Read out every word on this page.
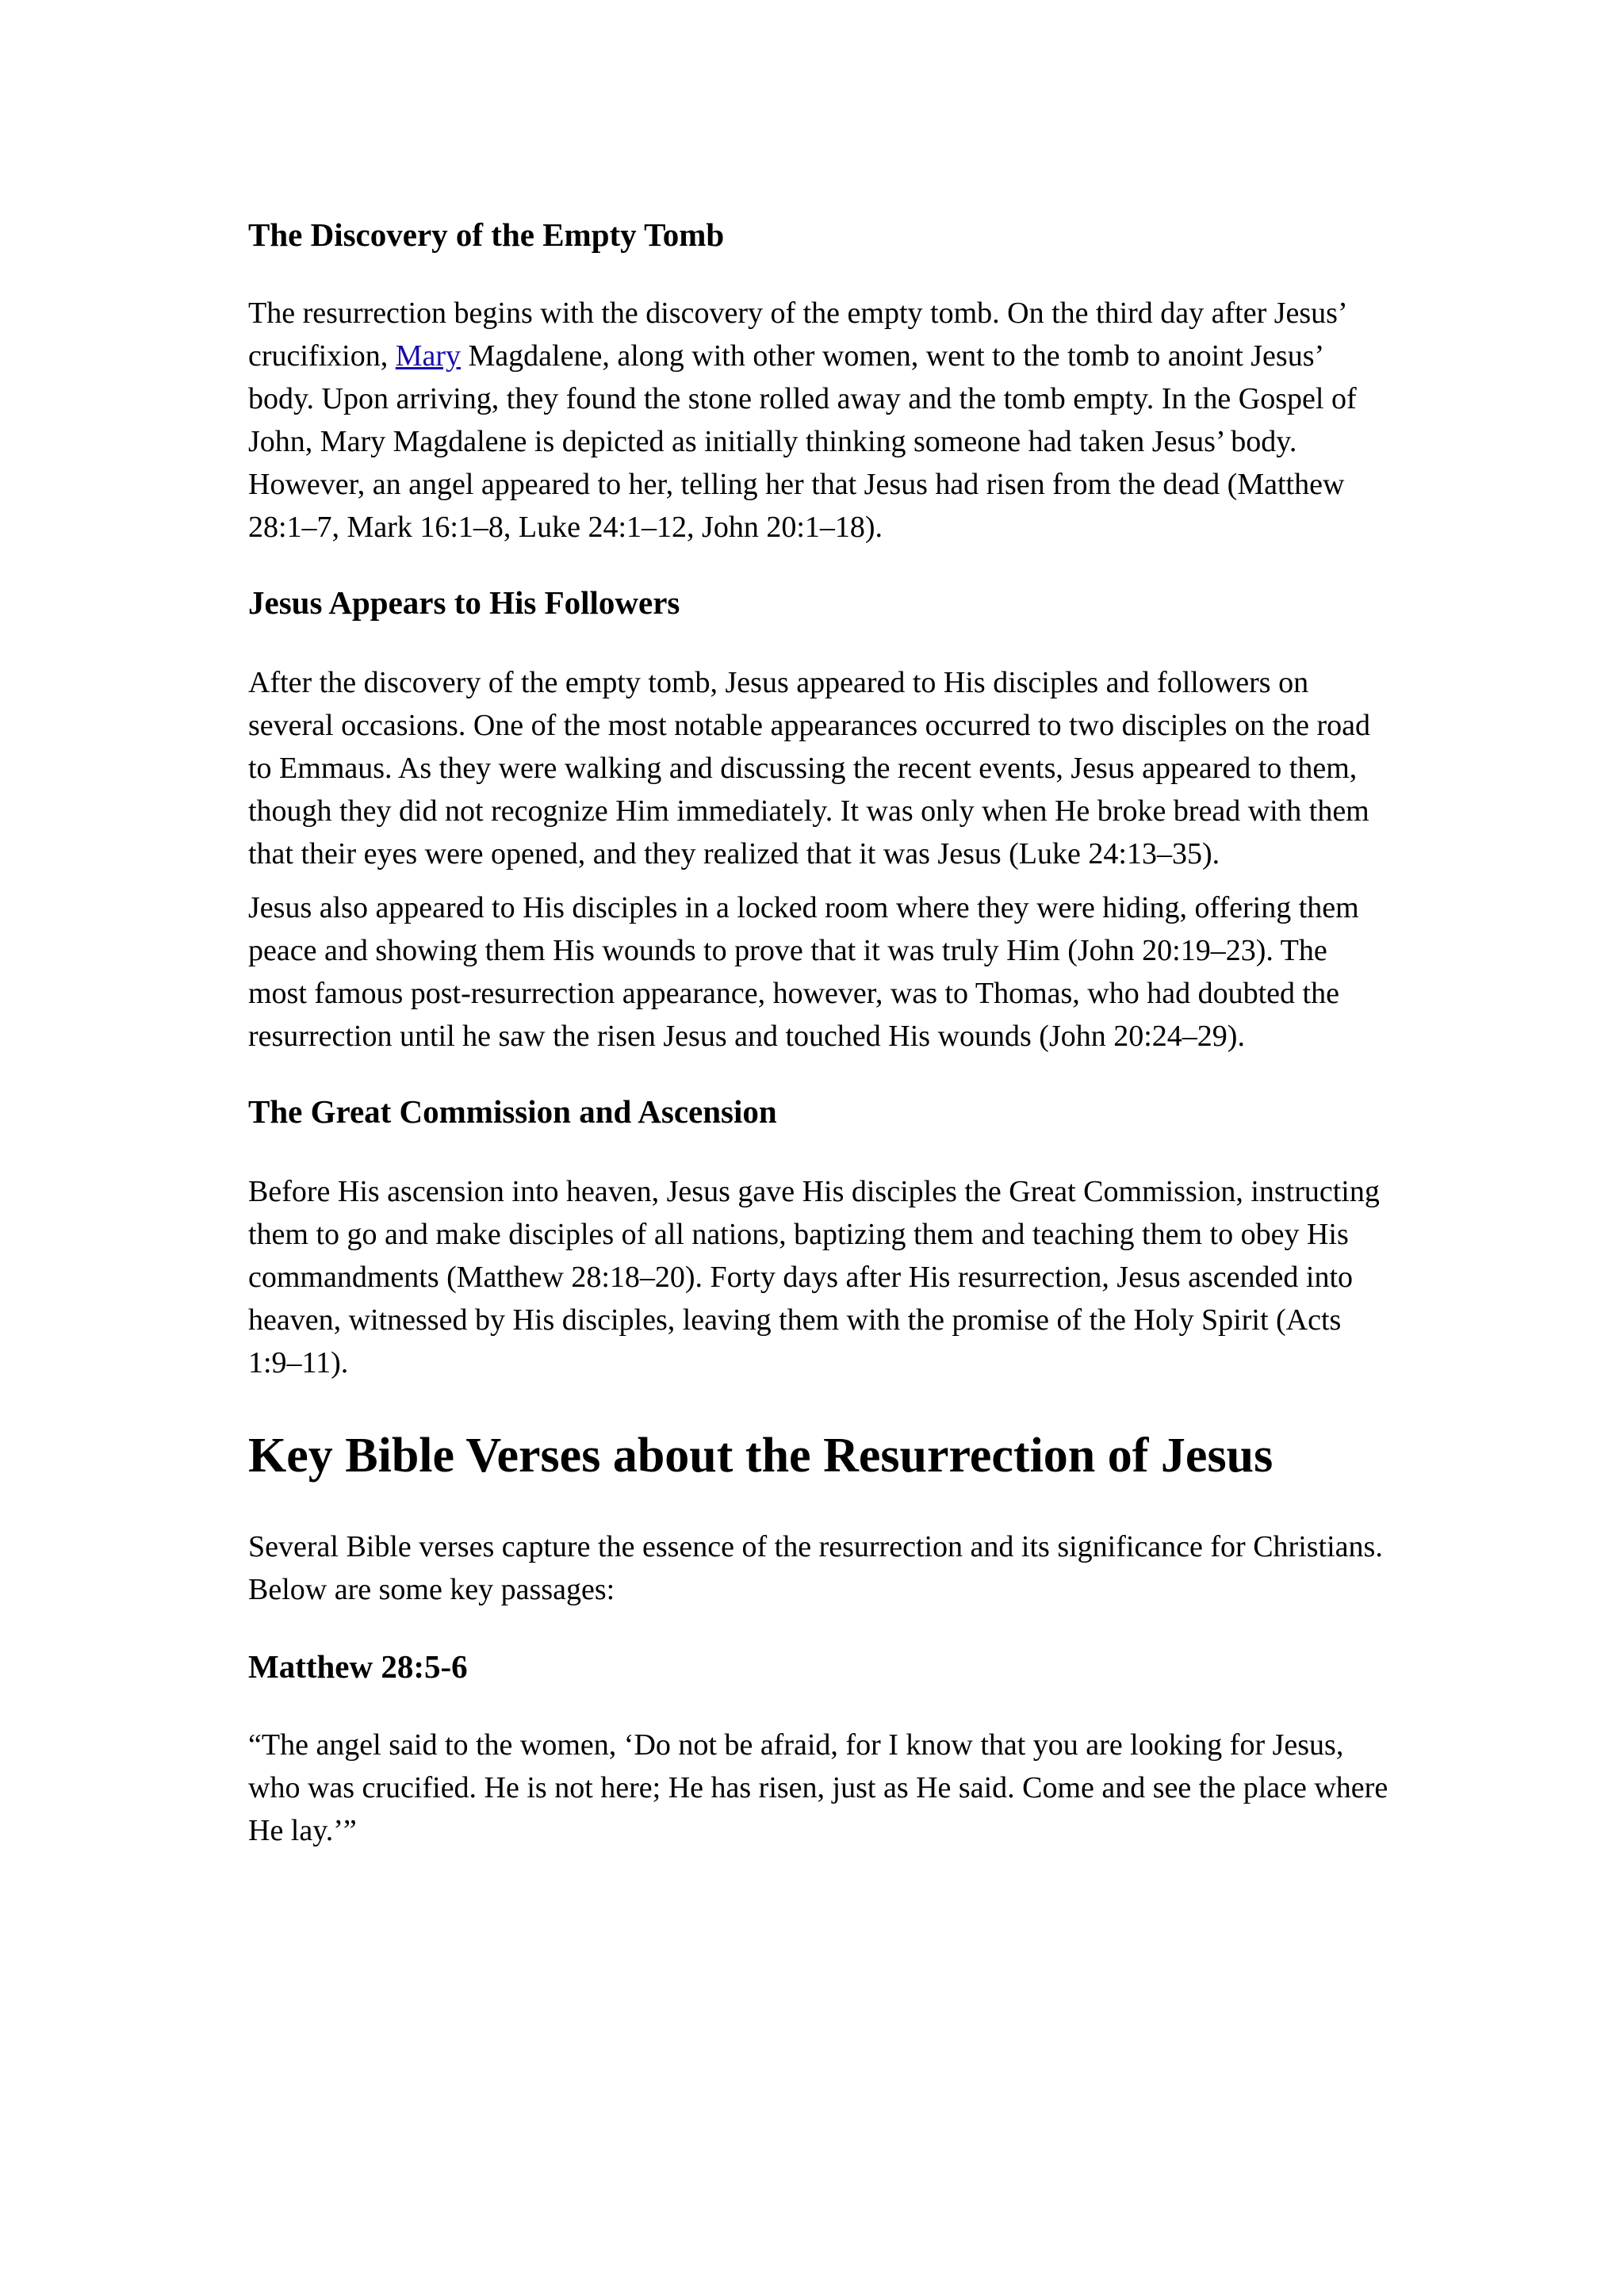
The Discovery of the Empty Tomb

The resurrection begins with the discovery of the empty tomb. On the third day after Jesus’ crucifixion, Mary Magdalene, along with other women, went to the tomb to anoint Jesus’ body. Upon arriving, they found the stone rolled away and the tomb empty. In the Gospel of John, Mary Magdalene is depicted as initially thinking someone had taken Jesus’ body. However, an angel appeared to her, telling her that Jesus had risen from the dead (Matthew 28:1–7, Mark 16:1–8, Luke 24:1–12, John 20:1–18).

Jesus Appears to His Followers

After the discovery of the empty tomb, Jesus appeared to His disciples and followers on several occasions. One of the most notable appearances occurred to two disciples on the road to Emmaus. As they were walking and discussing the recent events, Jesus appeared to them, though they did not recognize Him immediately. It was only when He broke bread with them that their eyes were opened, and they realized that it was Jesus (Luke 24:13–35).

Jesus also appeared to His disciples in a locked room where they were hiding, offering them peace and showing them His wounds to prove that it was truly Him (John 20:19–23). The most famous post-resurrection appearance, however, was to Thomas, who had doubted the resurrection until he saw the risen Jesus and touched His wounds (John 20:24–29).

The Great Commission and Ascension

Before His ascension into heaven, Jesus gave His disciples the Great Commission, instructing them to go and make disciples of all nations, baptizing them and teaching them to obey His commandments (Matthew 28:18–20). Forty days after His resurrection, Jesus ascended into heaven, witnessed by His disciples, leaving them with the promise of the Holy Spirit (Acts 1:9–11).

Key Bible Verses about the Resurrection of Jesus

Several Bible verses capture the essence of the resurrection and its significance for Christians. Below are some key passages:

Matthew 28:5-6

“The angel said to the women, ‘Do not be afraid, for I know that you are looking for Jesus, who was crucified. He is not here; He has risen, just as He said. Come and see the place where He lay.’”
